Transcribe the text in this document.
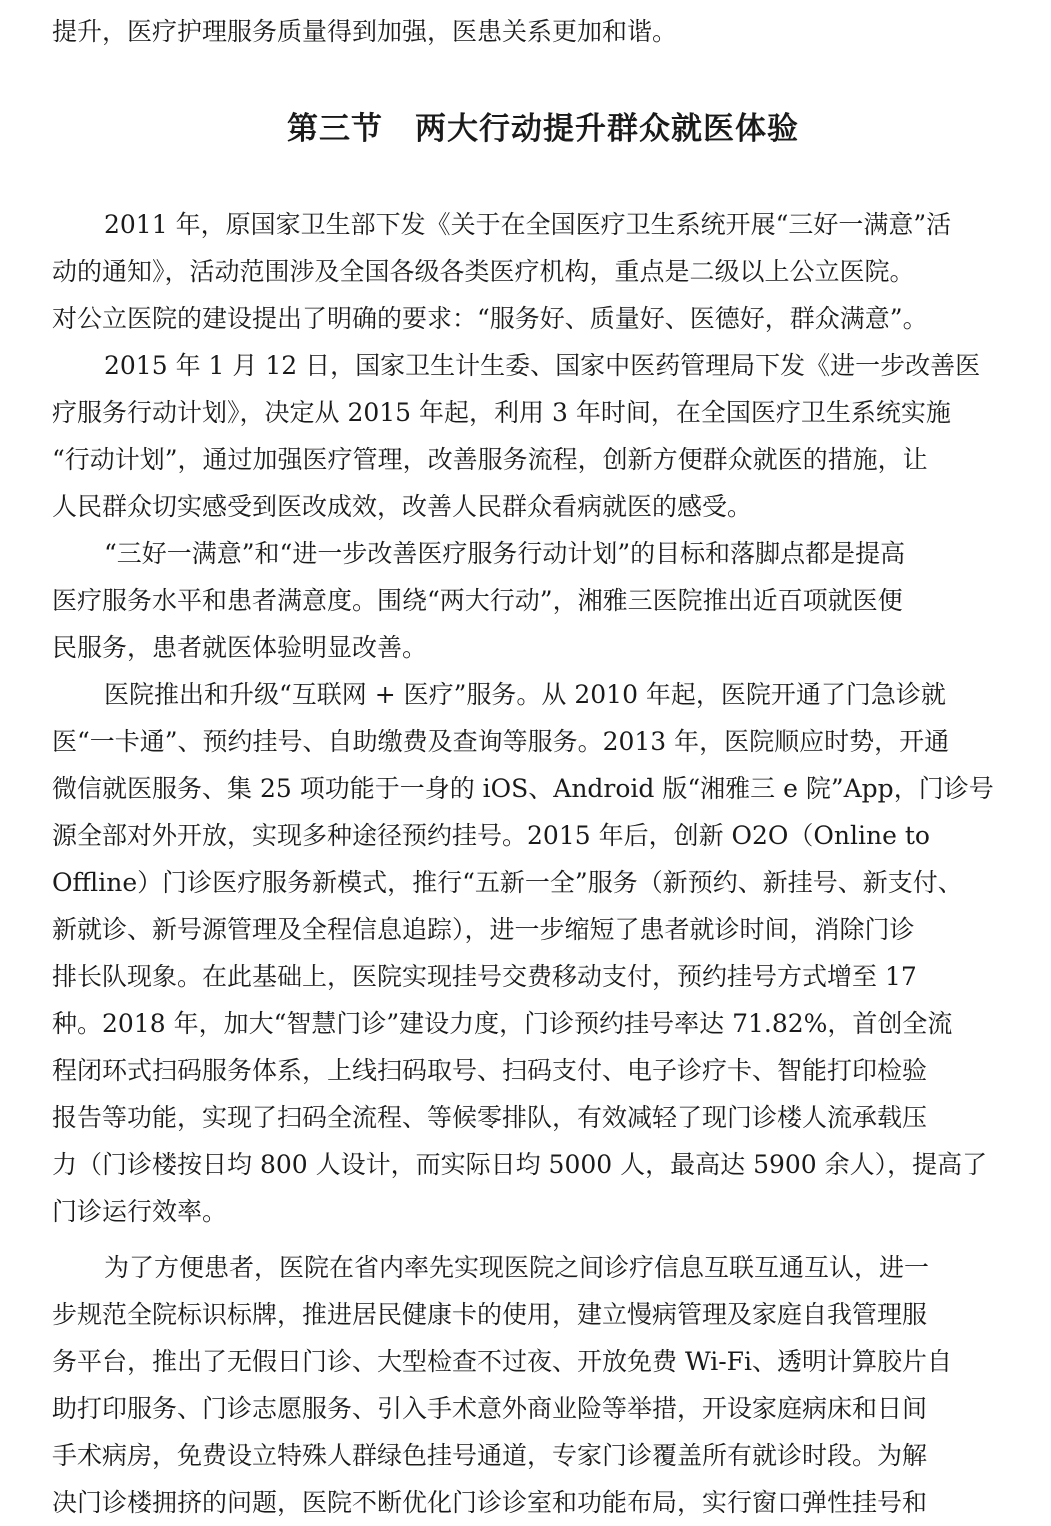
提升，医疗护理服务质量得到加强，医患关系更加和谐。
第三节　两大行动提升群众就医体验
2011 年，原国家卫生部下发《关于在全国医疗卫生系统开展“三好一满意”活
动的通知》，活动范围涉及全国各级各类医疗机构，重点是二级以上公立医院。
对公立医院的建设提出了明确的要求：“服务好、质量好、医德好，群众满意”。
2015 年 1 月 12 日，国家卫生计生委、国家中医药管理局下发《进一步改善医
疗服务行动计划》，决定从 2015 年起，利用 3 年时间，在全国医疗卫生系统实施
“行动计划”，通过加强医疗管理，改善服务流程，创新方便群众就医的措施，让
人民群众切实感受到医改成效，改善人民群众看病就医的感受。
“三好一满意”和“进一步改善医疗服务行动计划”的目标和落脚点都是提高
医疗服务水平和患者满意度。围绕“两大行动”，湘雅三医院推出近百项就医便
民服务，患者就医体验明显改善。
医院推出和升级“互联网 + 医疗”服务。从 2010 年起，医院开通了门急诊就
医“一卡通”、预约挂号、自助缴费及查询等服务。2013 年，医院顺应时势，开通
微信就医服务、集 25 项功能于一身的 iOS、Android 版“湘雅三 e 院”App，门诊号
源全部对外开放，实现多种途径预约挂号。2015 年后，创新 O2O（Online to
Offline）门诊医疗服务新模式，推行“五新一全”服务（新预约、新挂号、新支付、
新就诊、新号源管理及全程信息追踪），进一步缩短了患者就诊时间，消除门诊
排长队现象。在此基础上，医院实现挂号交费移动支付，预约挂号方式增至 17
种。2018 年，加大“智慧门诊”建设力度，门诊预约挂号率达 71.82%，首创全流
程闭环式扫码服务体系，上线扫码取号、扫码支付、电子诊疗卡、智能打印检验
报告等功能，实现了扫码全流程、等候零排队，有效减轻了现门诊楼人流承载压
力（门诊楼按日均 800 人设计，而实际日均 5000 人，最高达 5900 余人），提高了
门诊运行效率。
为了方便患者，医院在省内率先实现医院之间诊疗信息互联互通互认，进一
步规范全院标识标牌，推进居民健康卡的使用，建立慢病管理及家庭自我管理服
务平台，推出了无假日门诊、大型检查不过夜、开放免费 Wi-Fi、透明计算胶片自
助打印服务、门诊志愿服务、引入手术意外商业险等举措，开设家庭病床和日间
手术病房，免费设立特殊人群绿色挂号通道，专家门诊覆盖所有就诊时段。为解
决门诊楼拥挤的问题，医院不断优化门诊诊室和功能布局，实行窗口弹性挂号和
